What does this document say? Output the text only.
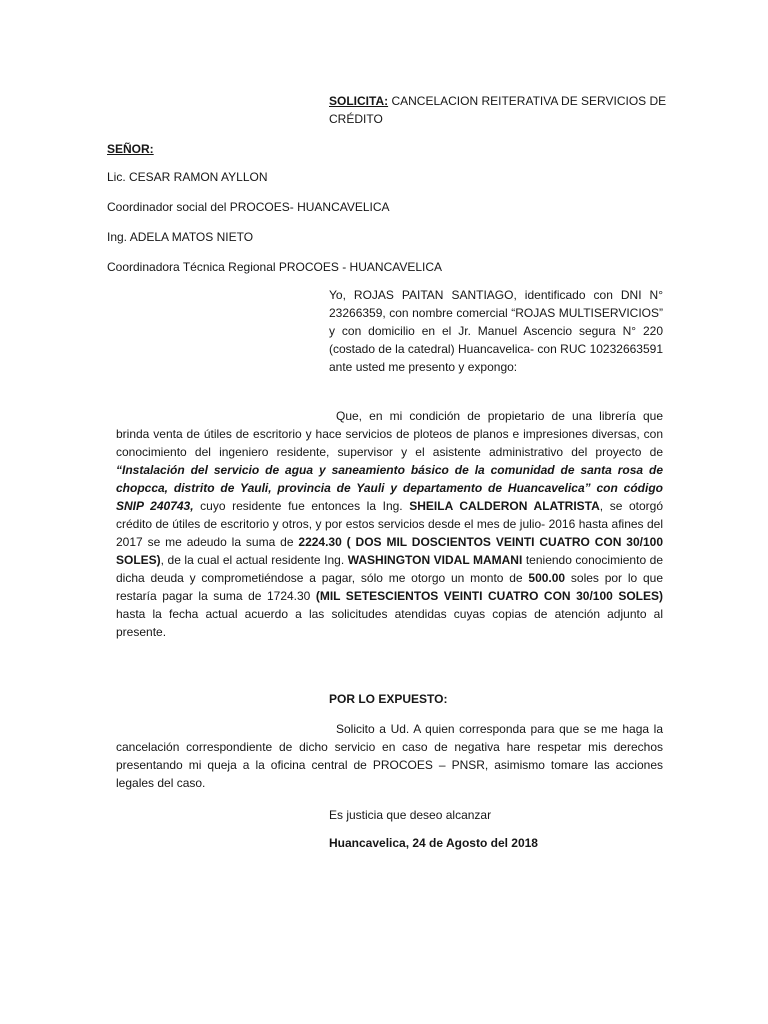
SOLICITA: CANCELACION REITERATIVA DE SERVICIOS DE CRÉDITO
SEÑOR:
Lic. CESAR RAMON AYLLON
Coordinador social del PROCOES- HUANCAVELICA
Ing. ADELA MATOS NIETO
Coordinadora Técnica Regional PROCOES - HUANCAVELICA

Yo, ROJAS PAITAN SANTIAGO, identificado con DNI N° 23266359, con nombre comercial “ROJAS MULTISERVICIOS” y con domicilio en el Jr. Manuel Ascencio segura N° 220 (costado de la catedral) Huancavelica- con RUC 10232663591 ante usted me presento y expongo:

Que, en mi condición de propietario de una librería que brinda venta de útiles de escritorio y hace servicios de ploteos de planos e impresiones diversas, con conocimiento del ingeniero residente, supervisor y el asistente administrativo del proyecto de “Instalación del servicio de agua y saneamiento básico de la comunidad de santa rosa de chopcca, distrito de Yauli, provincia de Yauli y departamento de Huancavelica” con código SNIP 240743, cuyo residente fue entonces la Ing. SHEILA CALDERON ALATRISTA, se otorgó crédito de útiles de escritorio y otros, y por estos servicios desde el mes de julio- 2016 hasta afines del 2017 se me adeudo la suma de 2224.30 ( DOS MIL DOSCIENTOS VEINTI CUATRO CON 30/100 SOLES), de la cual el actual residente Ing. WASHINGTON VIDAL MAMANI teniendo conocimiento de dicha deuda y comprometiéndose a pagar, sólo me otorgo un monto de 500.00 soles por lo que restaría pagar la suma de 1724.30 (MIL SETESCIENTOS VEINTI CUATRO CON 30/100 SOLES) hasta la fecha actual acuerdo a las solicitudes atendidas cuyas copias de atención adjunto al presente.

POR LO EXPUESTO:

Solicito a Ud. A quien corresponda para que se me haga la cancelación correspondiente de dicho servicio en caso de negativa hare respetar mis derechos presentando mi queja a la oficina central de PROCOES – PNSR, asimismo tomare las acciones legales del caso.

Es justicia que deseo alcanzar
Huancavelica, 24 de Agosto del 2018
